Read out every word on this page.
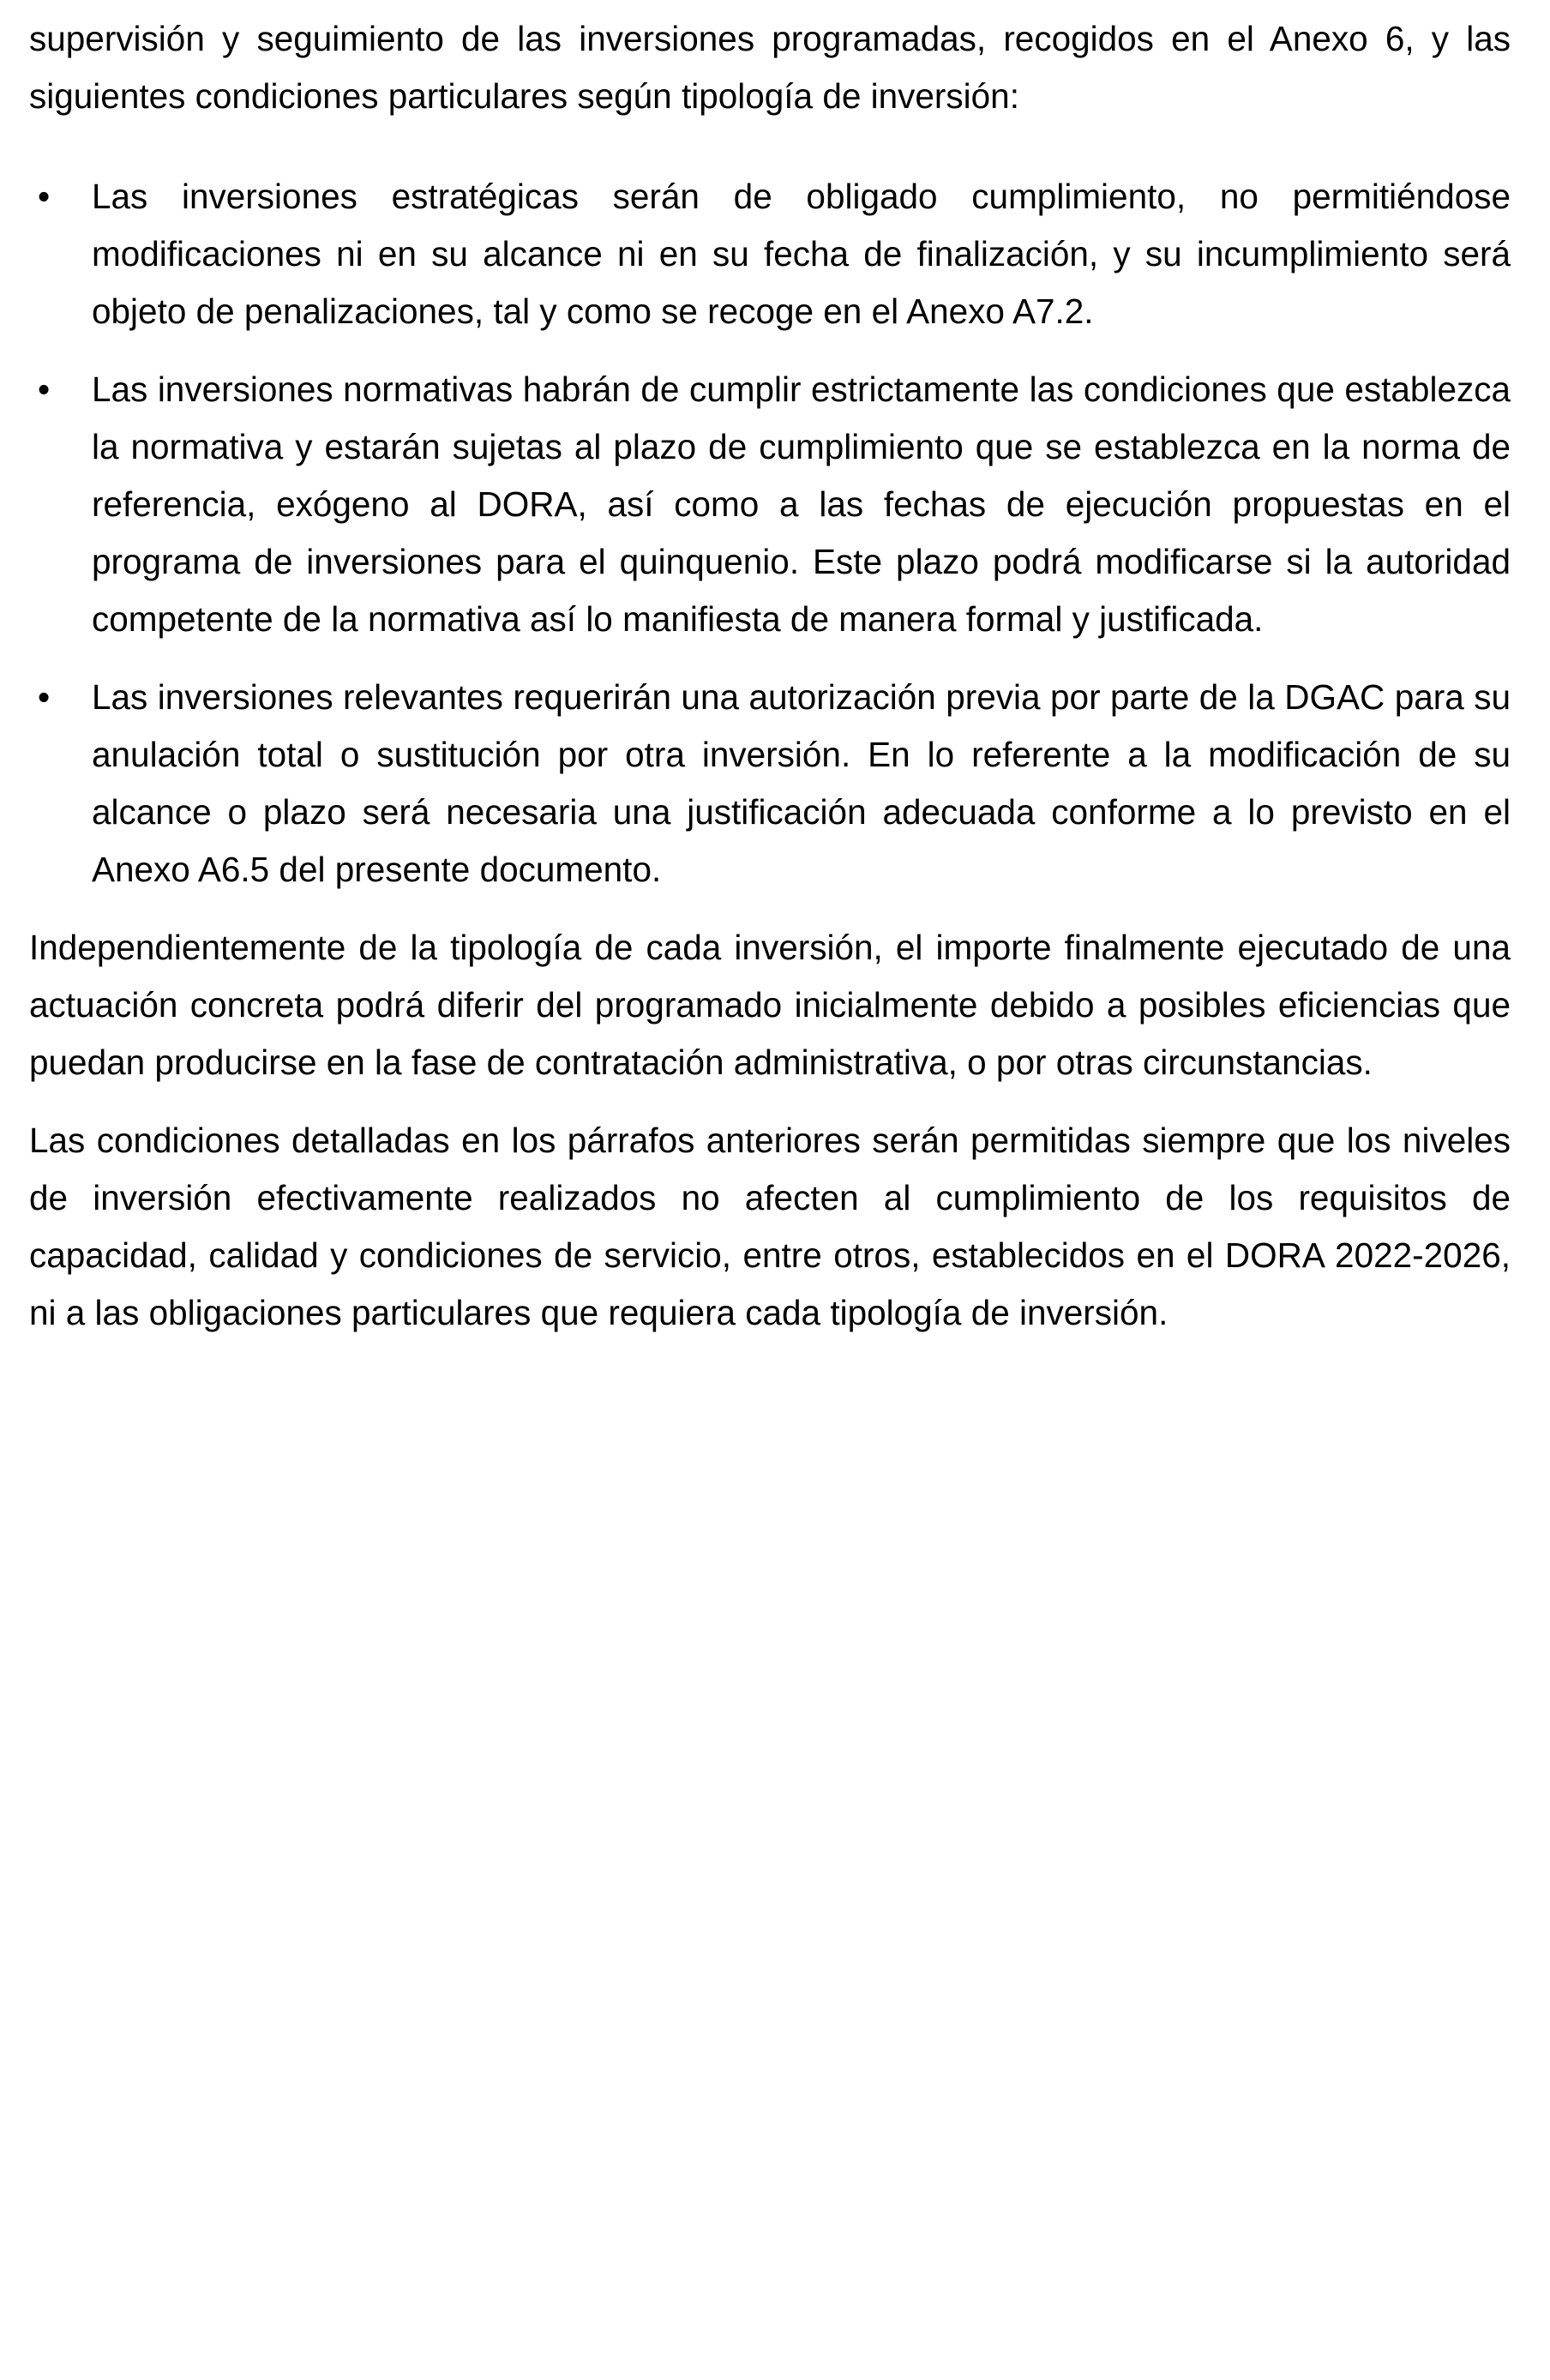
supervisión y seguimiento de las inversiones programadas, recogidos en el Anexo 6, y las siguientes condiciones particulares según tipología de inversión:

• Las inversiones estratégicas serán de obligado cumplimiento, no permitiéndose modificaciones ni en su alcance ni en su fecha de finalización, y su incumplimiento será objeto de penalizaciones, tal y como se recoge en el Anexo A7.2.
• Las inversiones normativas habrán de cumplir estrictamente las condiciones que establezca la normativa y estarán sujetas al plazo de cumplimiento que se establezca en la norma de referencia, exógeno al DORA, así como a las fechas de ejecución propuestas en el programa de inversiones para el quinquenio. Este plazo podrá modificarse si la autoridad competente de la normativa así lo manifiesta de manera formal y justificada.
• Las inversiones relevantes requerirán una autorización previa por parte de la DGAC para su anulación total o sustitución por otra inversión. En lo referente a la modificación de su alcance o plazo será necesaria una justificación adecuada conforme a lo previsto en el Anexo A6.5 del presente documento.

Independientemente de la tipología de cada inversión, el importe finalmente ejecutado de una actuación concreta podrá diferir del programado inicialmente debido a posibles eficiencias que puedan producirse en la fase de contratación administrativa, o por otras circunstancias.

Las condiciones detalladas en los párrafos anteriores serán permitidas siempre que los niveles de inversión efectivamente realizados no afecten al cumplimiento de los requisitos de capacidad, calidad y condiciones de servicio, entre otros, establecidos en el DORA 2022-2026, ni a las obligaciones particulares que requiera cada tipología de inversión.
